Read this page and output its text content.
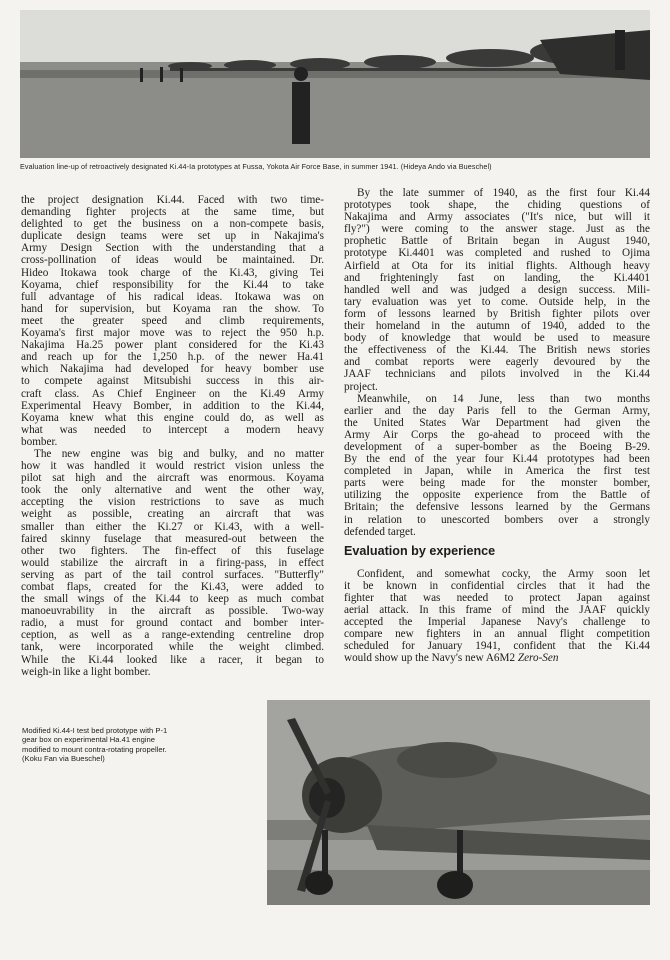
Evaluation line-up of retroactively designated Ki.44-Ia prototypes at Fussa, Yokota Air Force Base, in summer 1941. (Hideya Ando via Bueschel)
the project designation Ki.44. Faced with two time-
demanding fighter projects at the same time, but
delighted to get the business on a non-compete basis,
duplicate design teams were set up in Nakajima's
Army Design Section with the understanding that a
cross-pollination of ideas would be maintained. Dr.
Hideo Itokawa took charge of the Ki.43, giving Tei
Koyama, chief responsibility for the Ki.44 to take
full advantage of his radical ideas. Itokawa was on
hand for supervision, but Koyama ran the show. To
meet the greater speed and climb requirements,
Koyama's first major move was to reject the 950 h.p.
Nakajima Ha.25 power plant considered for the Ki.43
and reach up for the 1,250 h.p. of the newer Ha.41
which Nakajima had developed for heavy bomber use
to compete against Mitsubishi success in this air-
craft class. As Chief Engineer on the Ki.49 Army
Experimental Heavy Bomber, in addition to the Ki.44,
Koyama knew what this engine could do, as well as
what was needed to intercept a modern heavy
bomber.
The new engine was big and bulky, and no matter
how it was handled it would restrict vision unless the
pilot sat high and the aircraft was enormous. Koyama
took the only alternative and went the other way,
accepting the vision restrictions to save as much
weight as possible, creating an aircraft that was
smaller than either the Ki.27 or Ki.43, with a well-
faired skinny fuselage that measured-out between the
other two fighters. The fin-effect of this fuselage
would stabilize the aircraft in a firing-pass, in effect
serving as part of the tail control surfaces. "Butterfly"
combat flaps, created for the Ki.43, were added to
the small wings of the Ki.44 to keep as much combat
manoeuvrability in the aircraft as possible. Two-way
radio, a must for ground contact and bomber inter-
ception, as well as a range-extending centreline drop
tank, were incorporated while the weight climbed.
While the Ki.44 looked like a racer, it began to
weigh-in like a light bomber.
By the late summer of 1940, as the first four Ki.44
prototypes took shape, the chiding questions of
Nakajima and Army associates ("It's nice, but will it
fly?") were coming to the answer stage. Just as the
prophetic Battle of Britain began in August 1940,
prototype Ki.4401 was completed and rushed to Ojima
Airfield at Ota for its initial flights. Although heavy
and frighteningly fast on landing, the Ki.4401
handled well and was judged a design success. Mili-
tary evaluation was yet to come. Outside help, in the
form of lessons learned by British fighter pilots over
their homeland in the autumn of 1940, added to the
body of knowledge that would be used to measure
the effectiveness of the Ki.44. The British news stories
and combat reports were eagerly devoured by the
JAAF technicians and pilots involved in the Ki.44
project.
Meanwhile, on 14 June, less than two months
earlier and the day Paris fell to the German Army,
the United States War Department had given the
Army Air Corps the go-ahead to proceed with the
development of a super-bomber as the Boeing B-29.
By the end of the year four Ki.44 prototypes had been
completed in Japan, while in America the first test
parts were being made for the monster bomber,
utilizing the opposite experience from the Battle of
Britain; the defensive lessons learned by the Germans
in relation to unescorted bombers over a strongly
defended target.
Evaluation by experience
Confident, and somewhat cocky, the Army soon let
it be known in confidential circles that it had the
fighter that was needed to protect Japan against
aerial attack. In this frame of mind the JAAF quickly
accepted the Imperial Japanese Navy's challenge to
compare new fighters in an annual flight competition
scheduled for January 1941, confident that the Ki.44
would show up the Navy's new A6M2 Zero-Sen
Modified Ki.44-I test bed prototype with P-1
gear box on experimental Ha.41 engine
modified to mount contra-rotating propeller.
(Koku Fan via Bueschel)
